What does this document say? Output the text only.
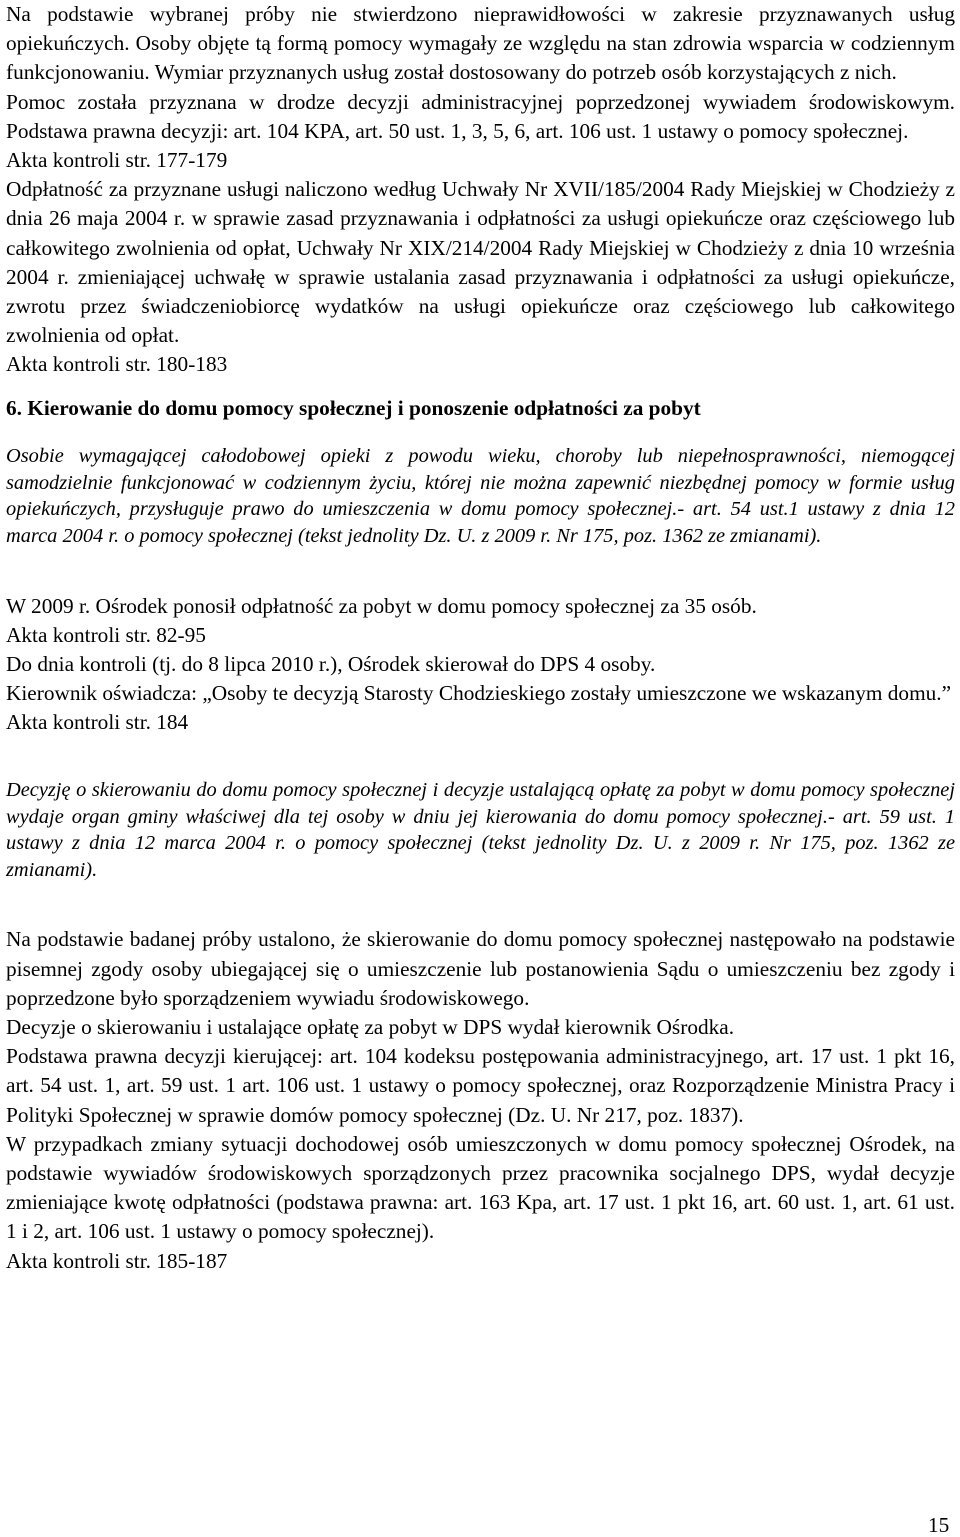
Na podstawie wybranej próby nie stwierdzono nieprawidłowości w zakresie przyznawanych usług opiekuńczych. Osoby objęte tą formą pomocy wymagały ze względu na stan zdrowia wsparcia w codziennym funkcjonowaniu. Wymiar przyznanych usług został dostosowany do potrzeb osób korzystających z nich.

Pomoc została przyznana w drodze decyzji administracyjnej poprzedzonej wywiadem środowiskowym. Podstawa prawna decyzji: art. 104 KPA, art. 50 ust. 1, 3, 5, 6, art. 106 ust. 1 ustawy o pomocy społecznej.

Akta kontroli str. 177-179

Odpłatność za przyznane usługi naliczono według Uchwały Nr XVII/185/2004 Rady Miejskiej w Chodzieży z dnia 26 maja 2004 r. w sprawie zasad przyznawania i odpłatności za usługi opiekuńcze oraz częściowego lub całkowitego zwolnienia od opłat, Uchwały Nr XIX/214/2004 Rady Miejskiej w Chodzieży z dnia 10 września 2004 r. zmieniającej uchwałę w sprawie ustalania zasad przyznawania i odpłatności za usługi opiekuńcze, zwrotu przez świadczeniobiorcę wydatków na usługi opiekuńcze oraz częściowego lub całkowitego zwolnienia od opłat.

Akta kontroli str. 180-183

6. Kierowanie do domu pomocy społecznej i ponoszenie odpłatności za pobyt

Osobie wymagającej całodobowej opieki z powodu wieku, choroby lub niepełnosprawności, niemogącej samodzielnie funkcjonować w codziennym życiu, której nie można zapewnić niezbędnej pomocy w formie usług opiekuńczych, przysługuje prawo do umieszczenia w domu pomocy społecznej.- art. 54 ust.1 ustawy z dnia 12 marca 2004 r. o pomocy społecznej (tekst jednolity Dz. U. z 2009 r. Nr 175, poz. 1362 ze zmianami).

W 2009 r. Ośrodek ponosił odpłatność za pobyt w domu pomocy społecznej za 35 osób.

Akta kontroli str. 82-95

Do dnia kontroli (tj. do 8 lipca 2010 r.), Ośrodek skierował do DPS 4 osoby.

Kierownik oświadcza: „Osoby te decyzją Starosty Chodzieskiego zostały umieszczone we wskazanym domu.”

Akta kontroli str. 184

Decyzję o skierowaniu do domu pomocy społecznej i decyzje ustalającą opłatę za pobyt w domu pomocy społecznej wydaje organ gminy właściwej dla tej osoby w dniu jej kierowania do domu pomocy społecznej.- art. 59 ust. 1 ustawy z dnia 12 marca 2004 r. o pomocy społecznej (tekst jednolity Dz. U. z 2009 r. Nr 175, poz. 1362 ze zmianami).

Na podstawie badanej próby ustalono, że skierowanie do domu pomocy społecznej następowało na podstawie pisemnej zgody osoby ubiegającej się o umieszczenie lub postanowienia Sądu o umieszczeniu bez zgody i poprzedzone było sporządzeniem wywiadu środowiskowego.

Decyzje o skierowaniu i ustalające opłatę za pobyt w DPS wydał kierownik Ośrodka.

Podstawa prawna decyzji kierującej: art. 104 kodeksu postępowania administracyjnego, art. 17 ust. 1 pkt 16, art. 54 ust. 1, art. 59 ust. 1 art. 106 ust. 1 ustawy o pomocy społecznej, oraz Rozporządzenie Ministra Pracy i Polityki Społecznej w sprawie domów pomocy społecznej (Dz. U. Nr 217, poz. 1837).

W przypadkach zmiany sytuacji dochodowej osób umieszczonych w domu pomocy społecznej Ośrodek, na podstawie wywiadów środowiskowych sporządzonych przez pracownika socjalnego DPS, wydał decyzje zmieniające kwotę odpłatności (podstawa prawna: art. 163 Kpa, art. 17 ust. 1 pkt 16, art. 60 ust. 1, art. 61 ust. 1 i 2, art. 106 ust. 1 ustawy o pomocy społecznej).

Akta kontroli str. 185-187

15
